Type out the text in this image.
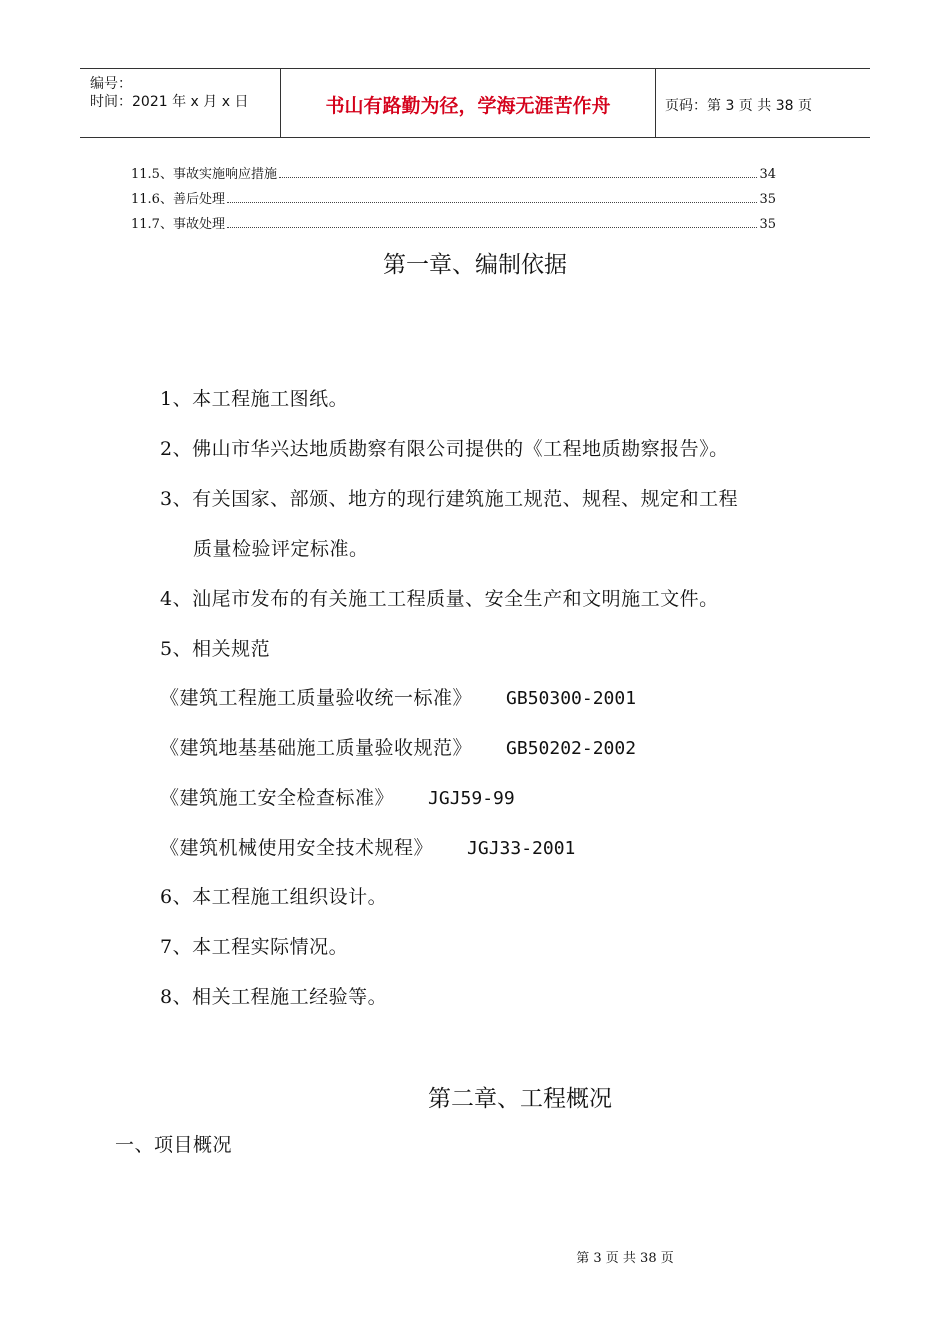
编号：
时间：2021 年 x 月 x 日	书山有路勤为径，学海无涯苦作舟	页码：第 3 页 共 38 页
11.5、事故实施响应措施	34
11.6、善后处理	35
11.7、事故处理	35
第一章、编制依据
1、本工程施工图纸。
2、佛山市华兴达地质勘察有限公司提供的《工程地质勘察报告》。
3、有关国家、部颁、地方的现行建筑施工规范、规程、规定和工程
质量检验评定标准。
4、汕尾市发布的有关施工工程质量、安全生产和文明施工文件。
5、相关规范
《建筑工程施工质量验收统一标准》 GB50300-2001
《建筑地基基础施工质量验收规范》 GB50202-2002
《建筑施工安全检查标准》 JGJ59-99
《建筑机械使用安全技术规程》 JGJ33-2001
6、本工程施工组织设计。
7、本工程实际情况。
8、相关工程施工经验等。
第二章、工程概况
一、项目概况
第 3 页 共 38 页
